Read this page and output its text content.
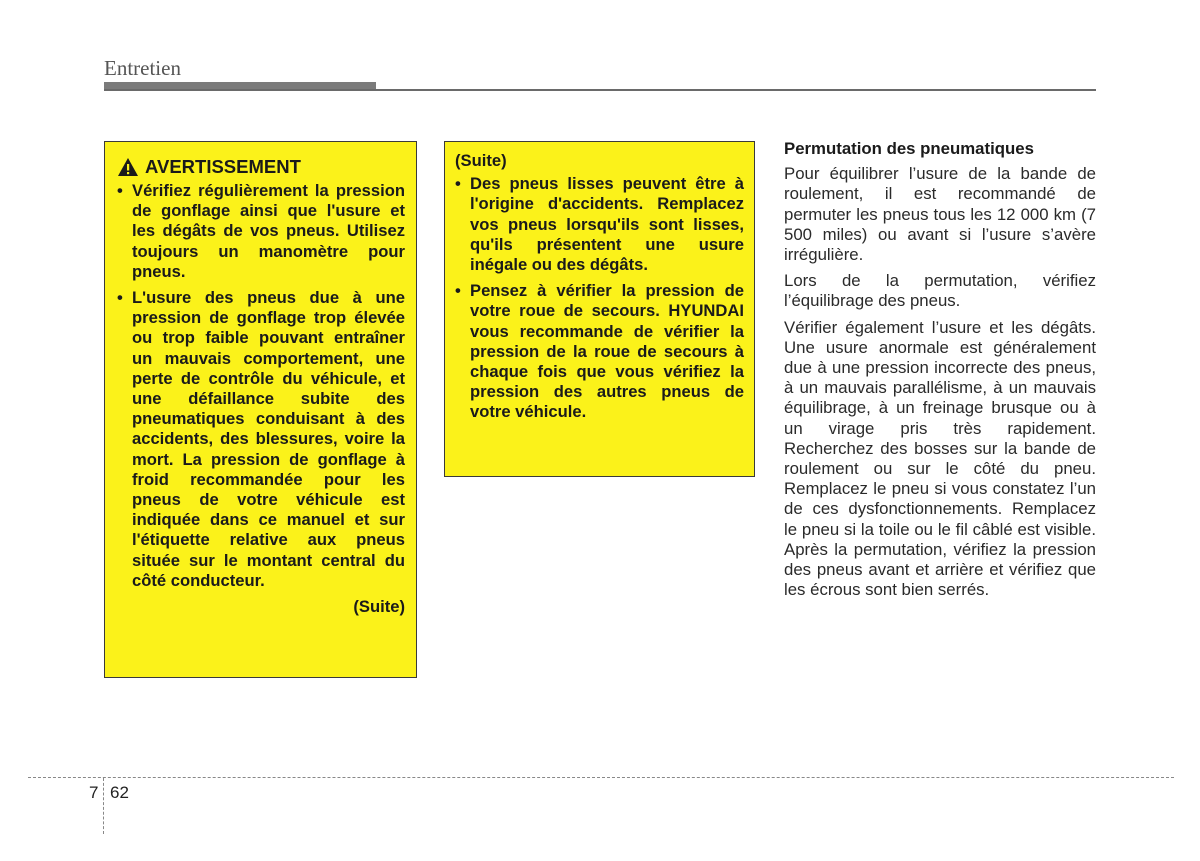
Entretien
AVERTISSEMENT
• Vérifiez régulièrement la pression de gonflage ainsi que l'usure et les dégâts de vos pneus. Utilisez toujours un manomètre pour pneus.
• L'usure des pneus due à une pression de gonflage trop élevée ou trop faible pouvant entraîner un mauvais comportement, une perte de contrôle du véhicule, et une défaillance subite des pneumatiques conduisant à des accidents, des blessures, voire la mort. La pression de gonflage à froid recommandée pour les pneus de votre véhicule est indiquée dans ce manuel et sur l'étiquette relative aux pneus située sur le montant central du côté conducteur.
(Suite)
(Suite)
• Des pneus lisses peuvent être à l'origine d'accidents. Remplacez vos pneus lorsqu'ils sont lisses, qu'ils présentent une usure inégale ou des dégâts.
• Pensez à vérifier la pression de votre roue de secours. HYUNDAI vous recommande de vérifier la pression de la roue de secours à chaque fois que vous vérifiez la pression des autres pneus de votre véhicule.
Permutation des pneumatiques

Pour équilibrer l’usure de la bande de roulement, il est recommandé de permuter les pneus tous les 12 000 km (7 500 miles) ou avant si l’usure s’avère irrégulière.

Lors de la permutation, vérifiez l’équilibrage des pneus.

Vérifier également l’usure et les dégâts. Une usure anormale est généralement due à une pression incorrecte des pneus, à un mauvais parallélisme, à un mauvais équilibrage, à un freinage brusque ou à un virage pris très rapidement. Recherchez des bosses sur la bande de roulement ou sur le côté du pneu. Remplacez le pneu si vous constatez l’un de ces dysfonctionnements. Remplacez le pneu si la toile ou le fil câblé est visible. Après la permutation, vérifiez la pression des pneus avant et arrière et vérifiez que les écrous sont bien serrés.

7 62
